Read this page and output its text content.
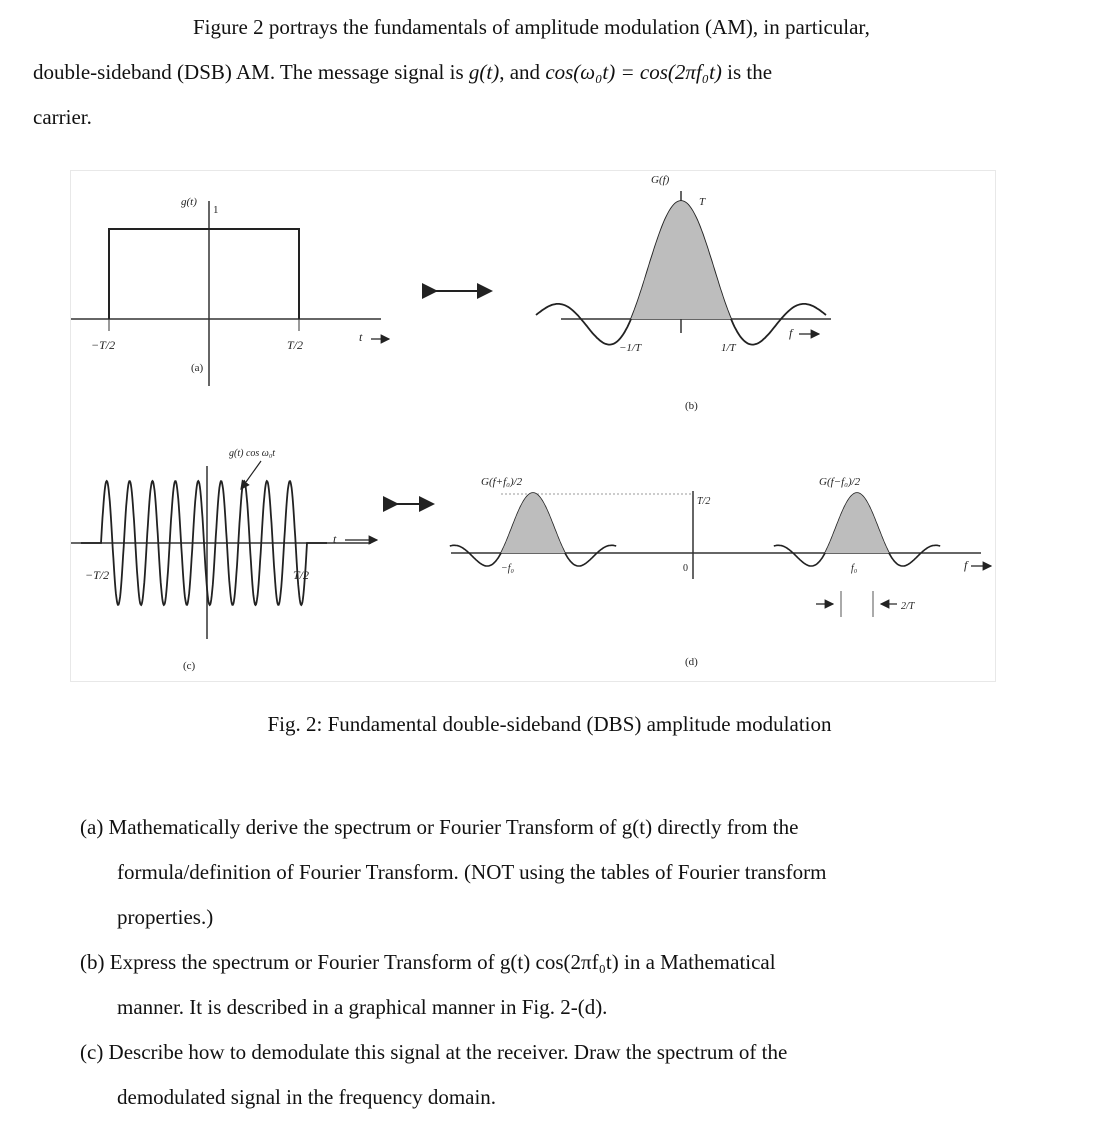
Figure 2 portrays the fundamentals of amplitude modulation (AM), in particular,
double-sideband (DSB) AM. The message signal is g(t), and cos(ω₀t) = cos(2πf₀t) is the
carrier.
g(t)
1
−T/2	T/2
t
(a)
G(f)
T
−1/T	1/T
f
(b)
g(t) cos ω₀t
−T/2	T/2
t
(c)
G(f+f₀)/2	G(f−f₀)/2
T/2
0
−f₀	f₀	f
2/T
(d)
Fig. 2: Fundamental double-sideband (DBS) amplitude modulation
(a) Mathematically derive the spectrum or Fourier Transform of g(t) directly from the
formula/definition of Fourier Transform. (NOT using the tables of Fourier transform
properties.)
(b) Express the spectrum or Fourier Transform of g(t) cos(2πf₀t) in a Mathematical
manner. It is described in a graphical manner in Fig. 2-(d).
(c) Describe how to demodulate this signal at the receiver. Draw the spectrum of the
demodulated signal in the frequency domain.
